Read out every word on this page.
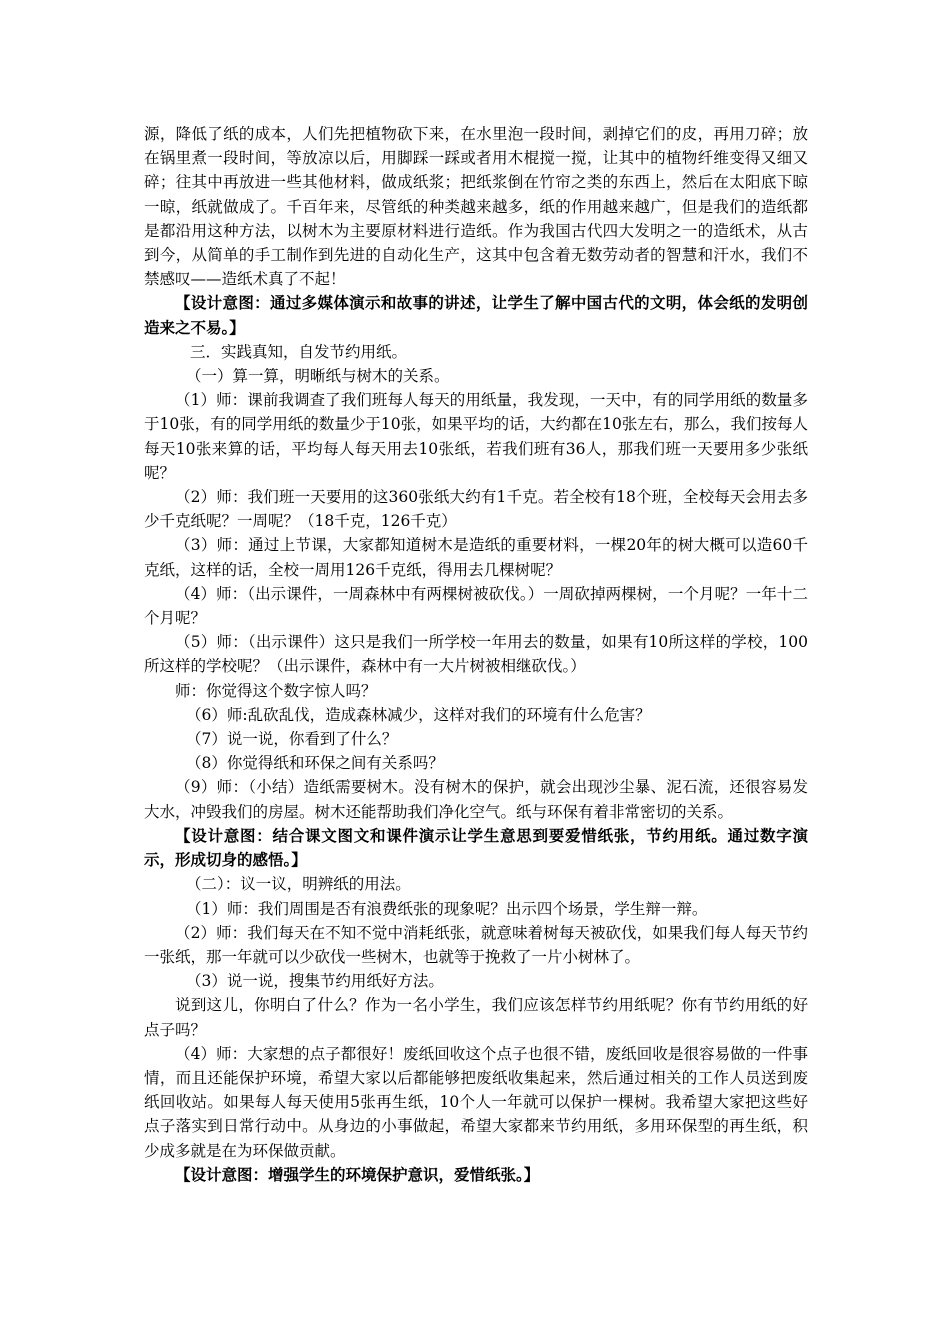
源，降低了纸的成本，人们先把植物砍下来，在水里泡一段时间，剥掉它们的皮，再用刀碎；放在锅里煮一段时间，等放凉以后，用脚踩一踩或者用木棍搅一搅，让其中的植物纤维变得又细又碎；往其中再放进一些其他材料，做成纸浆；把纸浆倒在竹帘之类的东西上，然后在太阳底下晾一晾，纸就做成了。千百年来，尽管纸的种类越来越多，纸的作用越来越广，但是我们的造纸都是都沿用这种方法，以树木为主要原材料进行造纸。作为我国古代四大发明之一的造纸术，从古到今，从简单的手工制作到先进的自动化生产，这其中包含着无数劳动者的智慧和汗水，我们不禁感叹——造纸术真了不起！

【设计意图：通过多媒体演示和故事的讲述，让学生了解中国古代的文明，体会纸的发明创造来之不易。】

三．实践真知，自发节约用纸。

（一）算一算，明晰纸与树木的关系。

（1）师：课前我调查了我们班每人每天的用纸量，我发现，一天中，有的同学用纸的数量多于10张，有的同学用纸的数量少于10张，如果平均的话，大约都在10张左右，那么，我们按每人每天10张来算的话，平均每人每天用去10张纸，若我们班有36人，那我们班一天要用多少张纸呢？

（2）师：我们班一天要用的这360张纸大约有1千克。若全校有18个班，全校每天会用去多少千克纸呢？一周呢？（18千克，126千克）

（3）师：通过上节课，大家都知道树木是造纸的重要材料，一棵20年的树大概可以造60千克纸，这样的话，全校一周用126千克纸，得用去几棵树呢？

（4）师：（出示课件，一周森林中有两棵树被砍伐。）一周砍掉两棵树，一个月呢？一年十二个月呢？

（5）师：（出示课件）这只是我们一所学校一年用去的数量，如果有10所这样的学校，100所这样的学校呢？（出示课件，森林中有一大片树被相继砍伐。）

师：你觉得这个数字惊人吗？

（6）师:乱砍乱伐，造成森林减少，这样对我们的环境有什么危害？

（7）说一说，你看到了什么？

（8）你觉得纸和环保之间有关系吗？

（9）师：（小结）造纸需要树木。没有树木的保护，就会出现沙尘暴、泥石流，还很容易发大水，冲毁我们的房屋。树木还能帮助我们净化空气。纸与环保有着非常密切的关系。

【设计意图：结合课文图文和课件演示让学生意思到要爱惜纸张，节约用纸。通过数字演示，形成切身的感悟。】

（二）：议一议，明辨纸的用法。

（1）师：我们周围是否有浪费纸张的现象呢？出示四个场景，学生辩一辩。

（2）师：我们每天在不知不觉中消耗纸张，就意味着树每天被砍伐，如果我们每人每天节约一张纸，那一年就可以少砍伐一些树木，也就等于挽救了一片小树林了。

（3）说一说，搜集节约用纸好方法。

说到这儿，你明白了什么？作为一名小学生，我们应该怎样节约用纸呢？你有节约用纸的好点子吗？

（4）师：大家想的点子都很好！废纸回收这个点子也很不错，废纸回收是很容易做的一件事情，而且还能保护环境，希望大家以后都能够把废纸收集起来，然后通过相关的工作人员送到废纸回收站。如果每人每天使用5张再生纸，10个人一年就可以保护一棵树。我希望大家把这些好点子落实到日常行动中。从身边的小事做起，希望大家都来节约用纸，多用环保型的再生纸，积少成多就是在为环保做贡献。

【设计意图：增强学生的环境保护意识，爱惜纸张。】
